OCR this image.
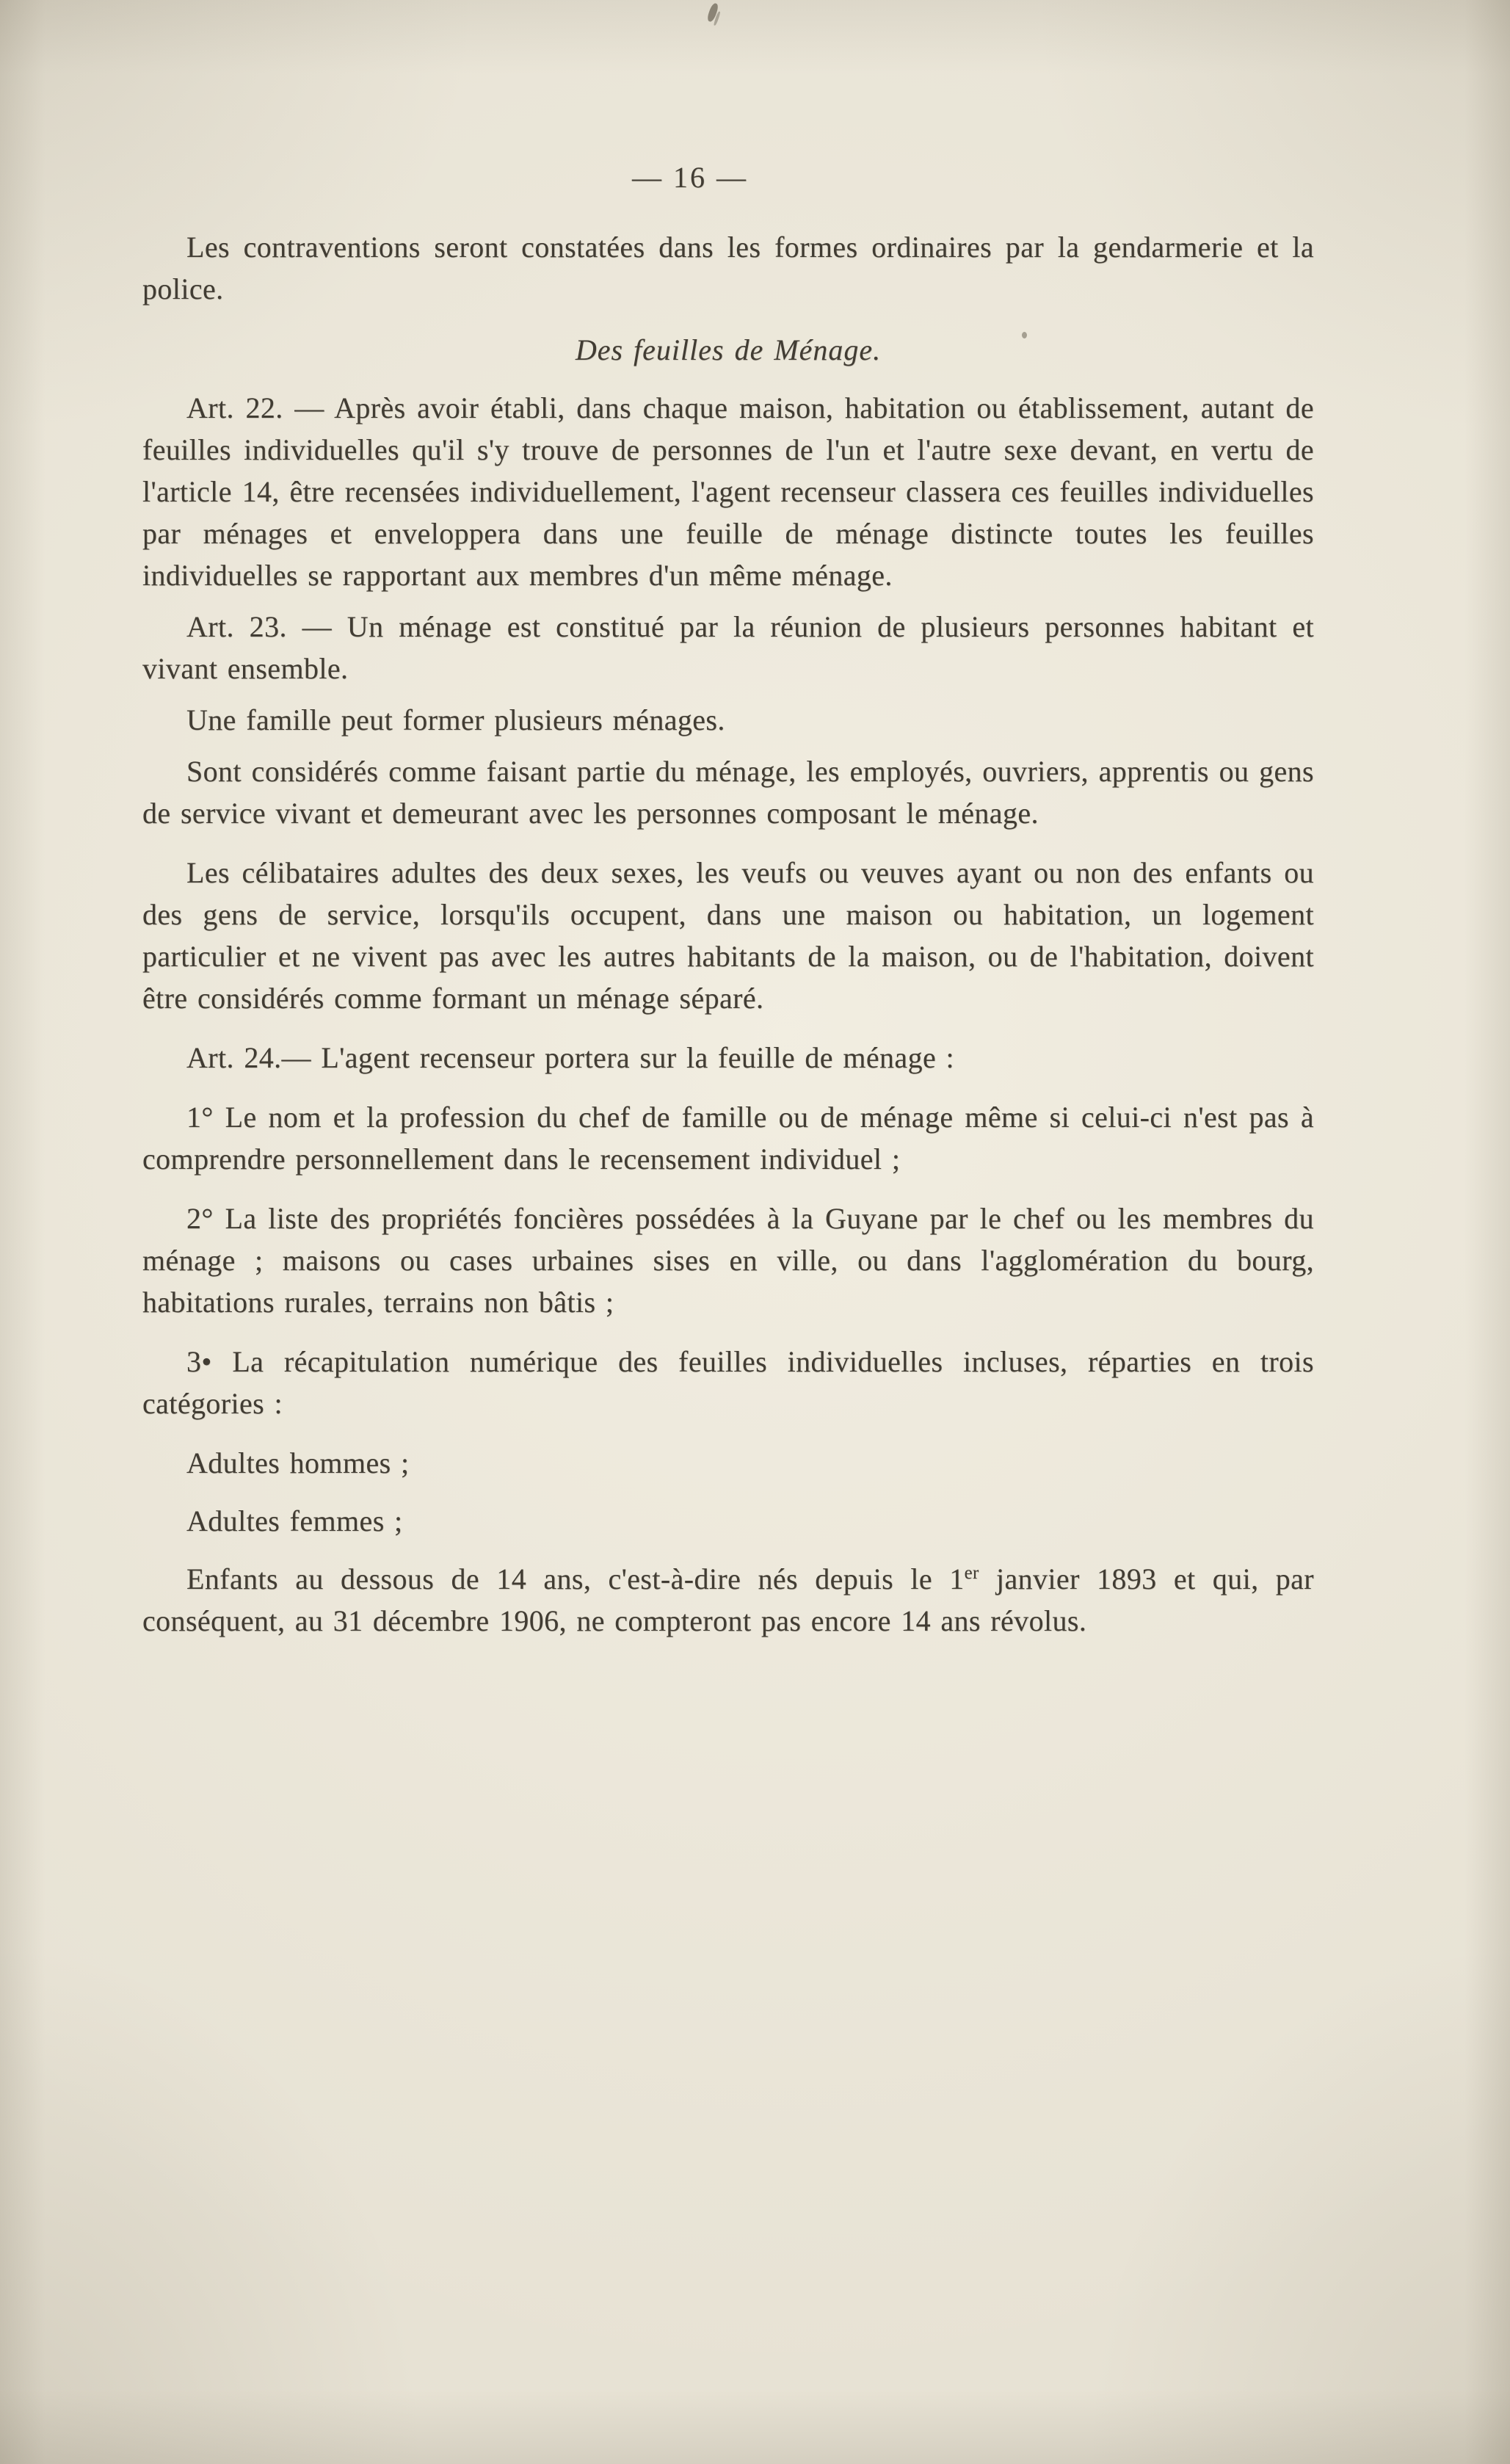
— 16 —

Les contraventions seront constatées dans les formes ordinaires par la gendarmerie et la police.

Des feuilles de Ménage.

Art. 22. — Après avoir établi, dans chaque maison, habitation ou établissement, autant de feuilles individuelles qu'il s'y trouve de personnes de l'un et l'autre sexe devant, en vertu de l'article 14, être recensées individuellement, l'agent recenseur classera ces feuilles individuelles par ménages et enveloppera dans une feuille de ménage distincte toutes les feuilles individuelles se rapportant aux membres d'un même ménage.

Art. 23. — Un ménage est constitué par la réunion de plusieurs personnes habitant et vivant ensemble.

Une famille peut former plusieurs ménages.

Sont considérés comme faisant partie du ménage, les employés, ouvriers, apprentis ou gens de service vivant et demeurant avec les personnes composant le ménage.

Les célibataires adultes des deux sexes, les veufs ou veuves ayant ou non des enfants ou des gens de service, lorsqu'ils occupent, dans une maison ou habitation, un logement particulier et ne vivent pas avec les autres habitants de la maison, ou de l'habitation, doivent être considérés comme formant un ménage séparé.

Art. 24.— L'agent recenseur portera sur la feuille de ménage :

1° Le nom et la profession du chef de famille ou de ménage même si celui-ci n'est pas à comprendre personnellement dans le recensement individuel ;

2° La liste des propriétés foncières possédées à la Guyane par le chef ou les membres du ménage ; maisons ou cases urbaines sises en ville, ou dans l'agglomération du bourg, habitations rurales, terrains non bâtis ;

3• La récapitulation numérique des feuilles individuelles incluses, réparties en trois catégories :

Adultes hommes ;

Adultes femmes ;

Enfants au dessous de 14 ans, c'est-à-dire nés depuis le 1er janvier 1893 et qui, par conséquent, au 31 décembre 1906, ne compteront pas encore 14 ans révolus.
